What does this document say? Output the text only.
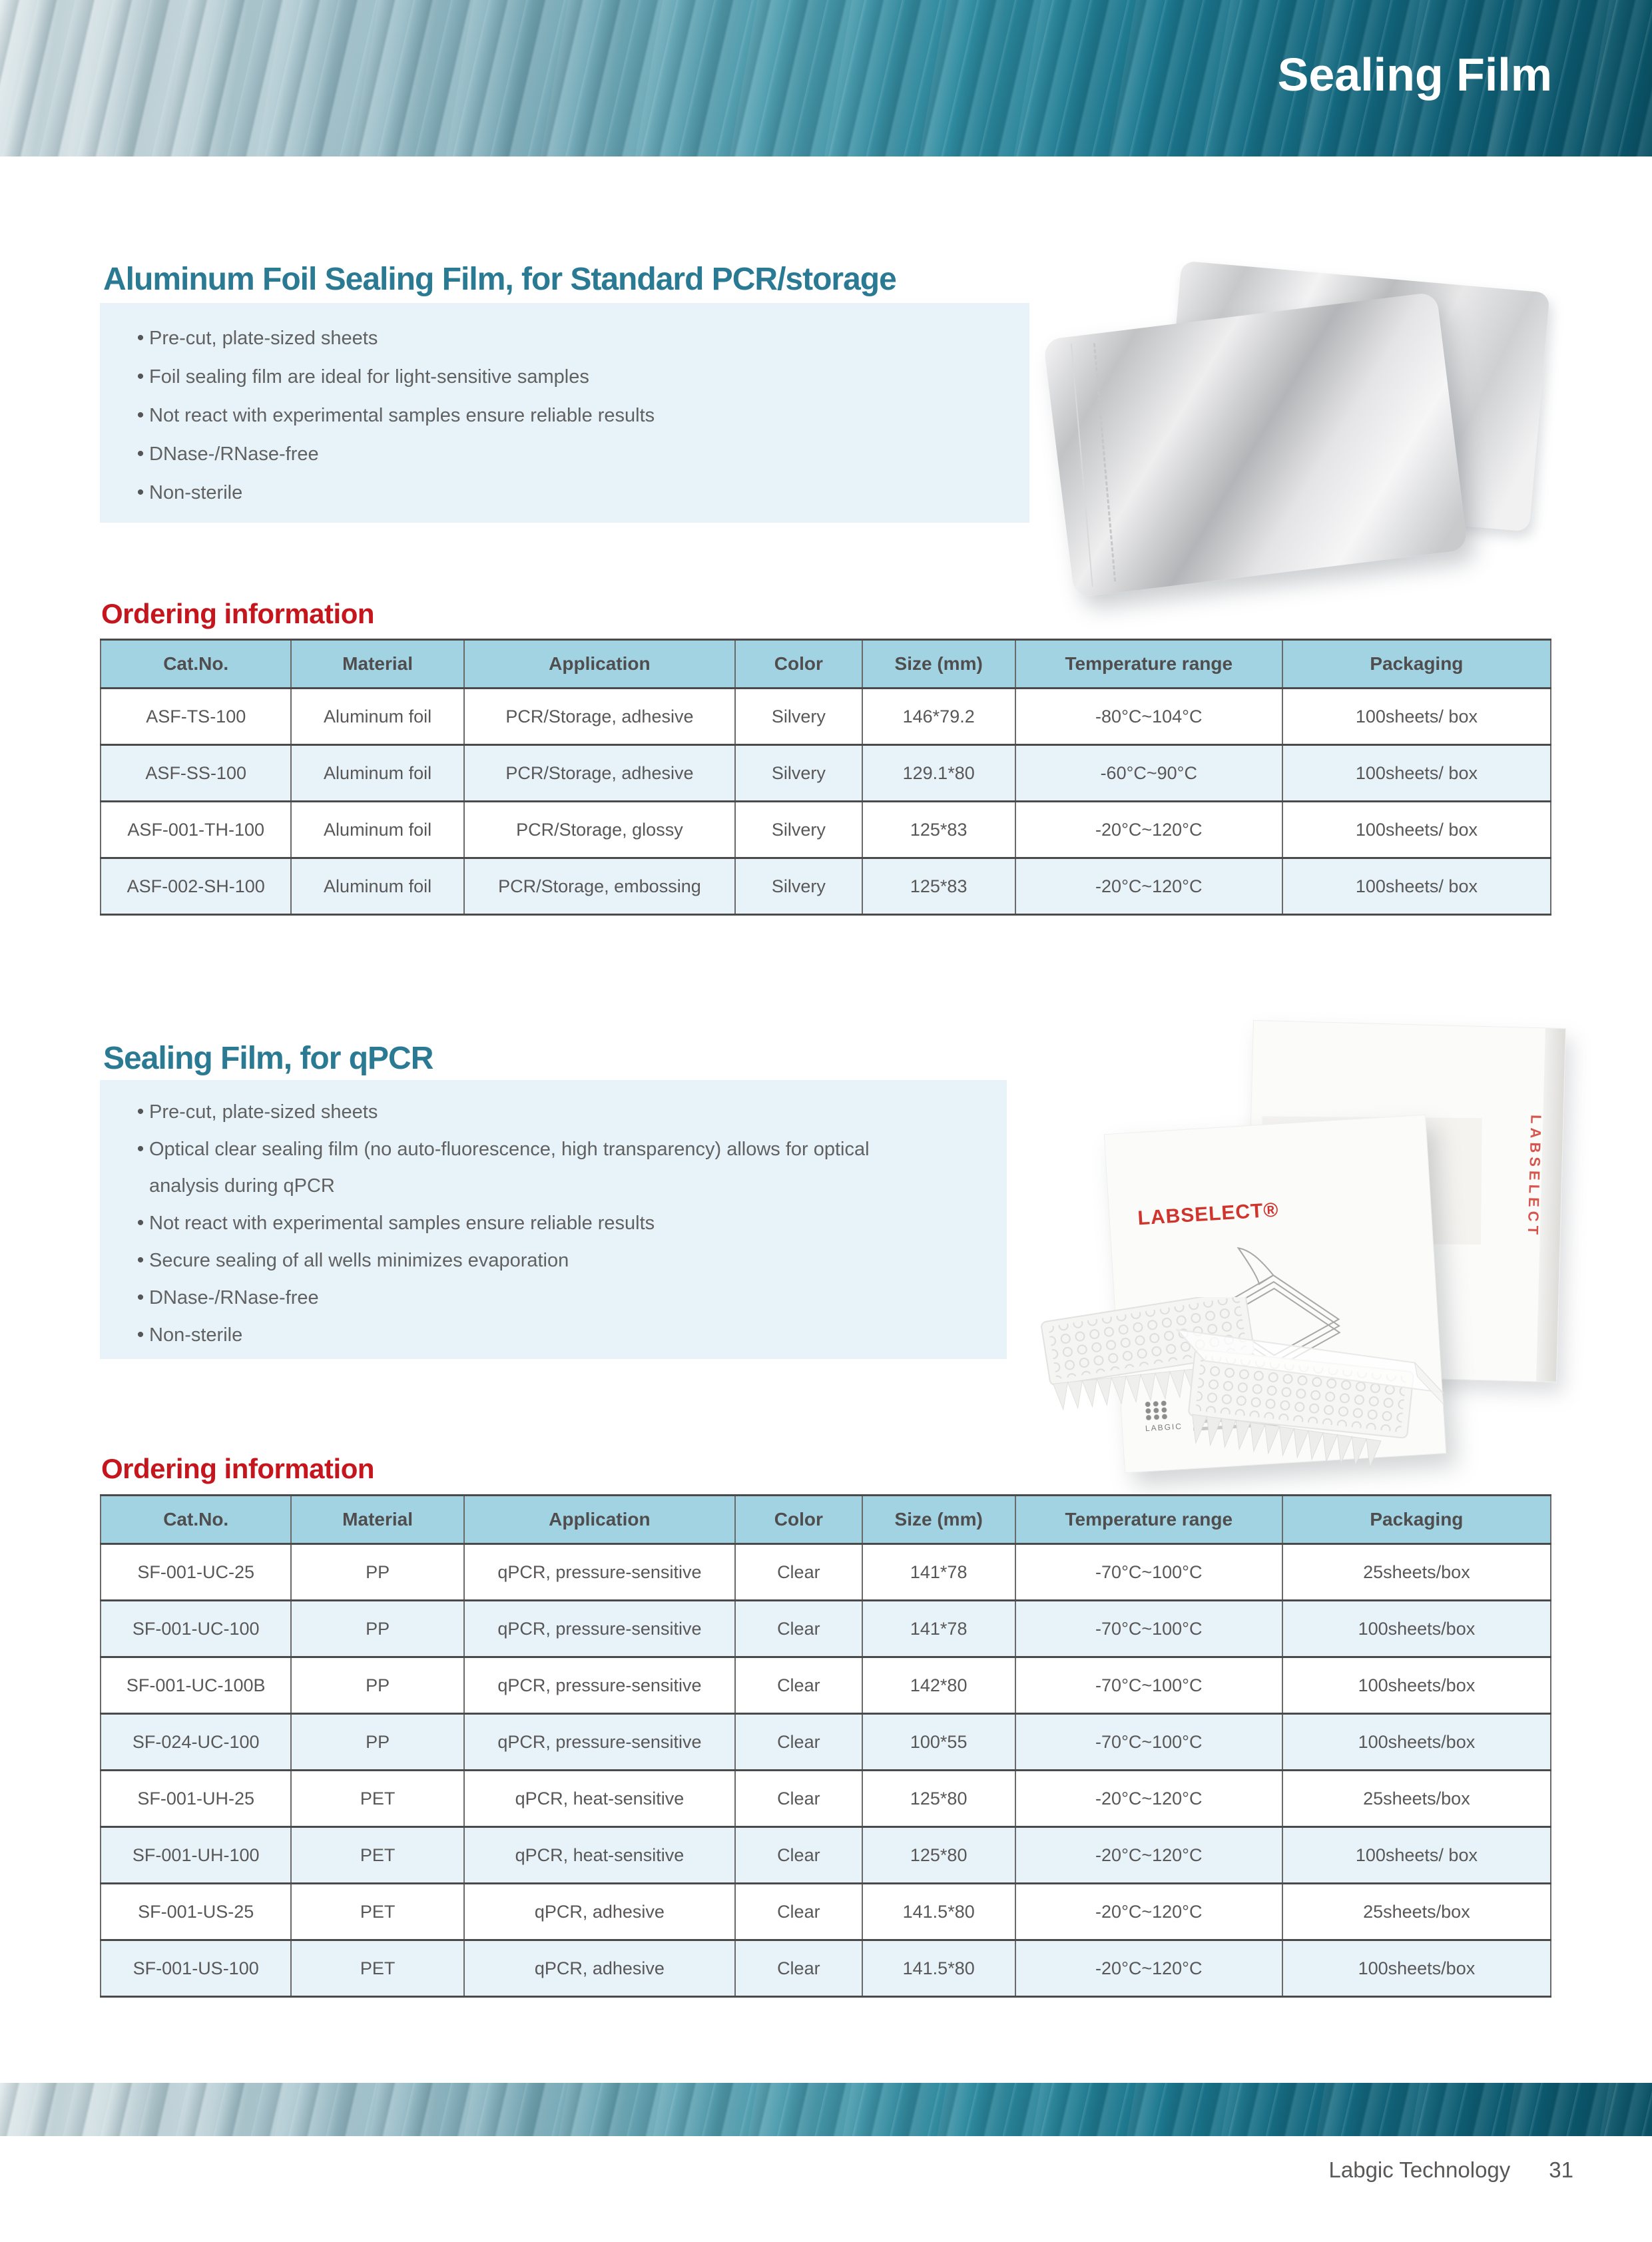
Sealing Film
Aluminum Foil Sealing Film, for Standard PCR/storage
• Pre-cut, plate-sized sheets
• Foil sealing film are ideal for light-sensitive samples
• Not react with experimental samples ensure reliable results
• DNase-/RNase-free
• Non-sterile
Ordering information
Cat.No.	Material	Application	Color	Size (mm)	Temperature range	Packaging
ASF-TS-100	Aluminum foil	PCR/Storage, adhesive	Silvery	146*79.2	-80°C~104°C	100sheets/ box
ASF-SS-100	Aluminum foil	PCR/Storage, adhesive	Silvery	129.1*80	-60°C~90°C	100sheets/ box
ASF-001-TH-100	Aluminum foil	PCR/Storage, glossy	Silvery	125*83	-20°C~120°C	100sheets/ box
ASF-002-SH-100	Aluminum foil	PCR/Storage, embossing	Silvery	125*83	-20°C~120°C	100sheets/ box
Sealing Film, for qPCR
• Pre-cut, plate-sized sheets
• Optical clear sealing film (no auto-fluorescence, high transparency) allows for optical analysis during qPCR
• Not react with experimental samples ensure reliable results
• Secure sealing of all wells minimizes evaporation
• DNase-/RNase-free
• Non-sterile
LABSELECT
LABSELECT®
LABGIC
Ordering information
Cat.No.	Material	Application	Color	Size (mm)	Temperature range	Packaging
SF-001-UC-25	PP	qPCR, pressure-sensitive	Clear	141*78	-70°C~100°C	25sheets/box
SF-001-UC-100	PP	qPCR, pressure-sensitive	Clear	141*78	-70°C~100°C	100sheets/box
SF-001-UC-100B	PP	qPCR, pressure-sensitive	Clear	142*80	-70°C~100°C	100sheets/box
SF-024-UC-100	PP	qPCR, pressure-sensitive	Clear	100*55	-70°C~100°C	100sheets/box
SF-001-UH-25	PET	qPCR, heat-sensitive	Clear	125*80	-20°C~120°C	25sheets/box
SF-001-UH-100	PET	qPCR, heat-sensitive	Clear	125*80	-20°C~120°C	100sheets/ box
SF-001-US-25	PET	qPCR, adhesive	Clear	141.5*80	-20°C~120°C	25sheets/box
SF-001-US-100	PET	qPCR, adhesive	Clear	141.5*80	-20°C~120°C	100sheets/box
Labgic Technology 31
